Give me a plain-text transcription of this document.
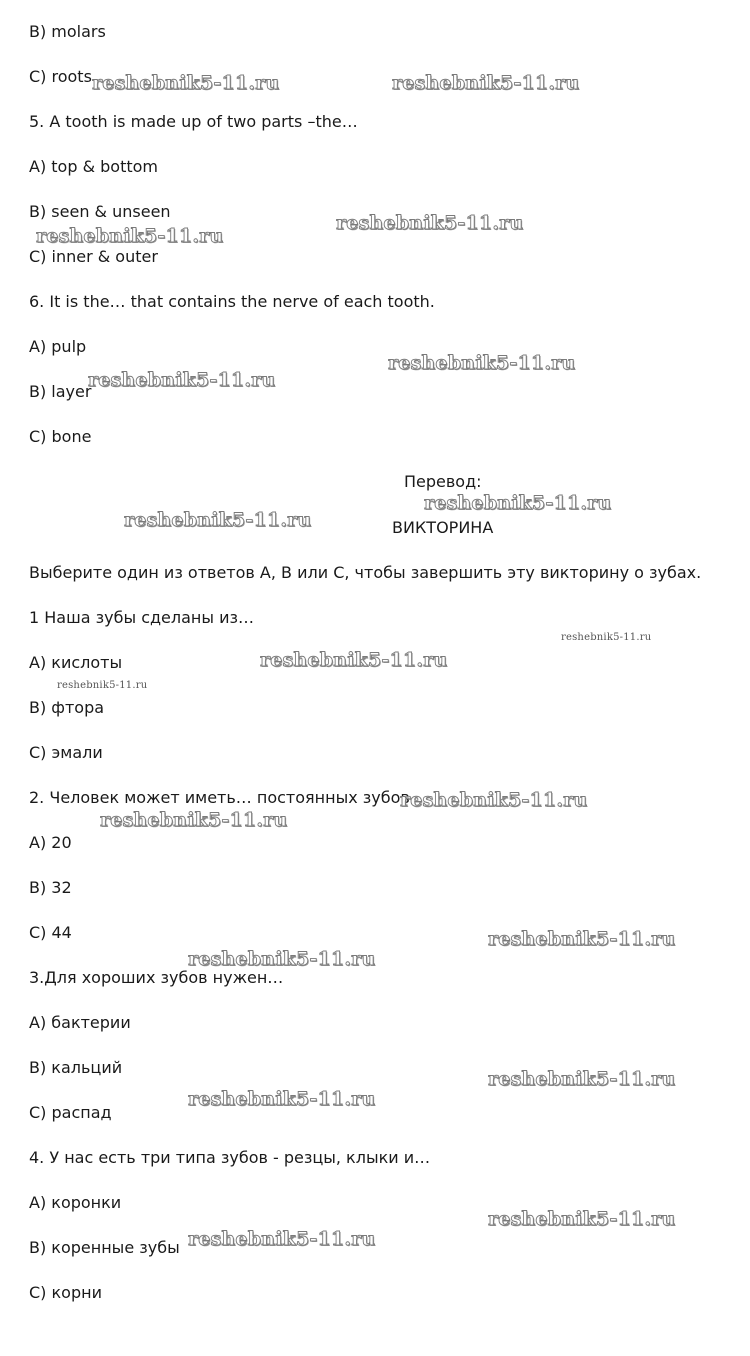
B) molars
C) roots
5. A tooth is made up of two parts –the…
A) top & bottom
B) seen & unseen
C) inner & outer
6. It is the… that contains the nerve of each tooth.
A) pulp
B) layer
C) bone
Перевод:
ВИКТОРИНА
Выберите один из ответов А, В или С, чтобы завершить эту викторину о зубах.
1 Наша зубы сделаны из…
A) кислоты
B) фтора
C) эмали
2. Человек может иметь… постоянных зубов
A) 20
B) 32
C) 44
3.Для хороших зубов нужен…
A) бактерии
B) кальций
C) распад
4. У нас есть три типа зубов - резцы, клыки и…
A) коронки
B) коренные зубы
C) корни
reshebnik5-11.ru	reshebnik5-11.ru
reshebnik5-11.ru
reshebnik5-11.ru
reshebnik5-11.ru
reshebnik5-11.ru
reshebnik5-11.ru
reshebnik5-11.ru
reshebnik5-11.ru
reshebnik5-11.ru
reshebnik5-11.ru
reshebnik5-11.ru
reshebnik5-11.ru
reshebnik5-11.ru
reshebnik5-11.ru
reshebnik5-11.ru
reshebnik5-11.ru
reshebnik5-11.ru
reshebnik5-11.ru
